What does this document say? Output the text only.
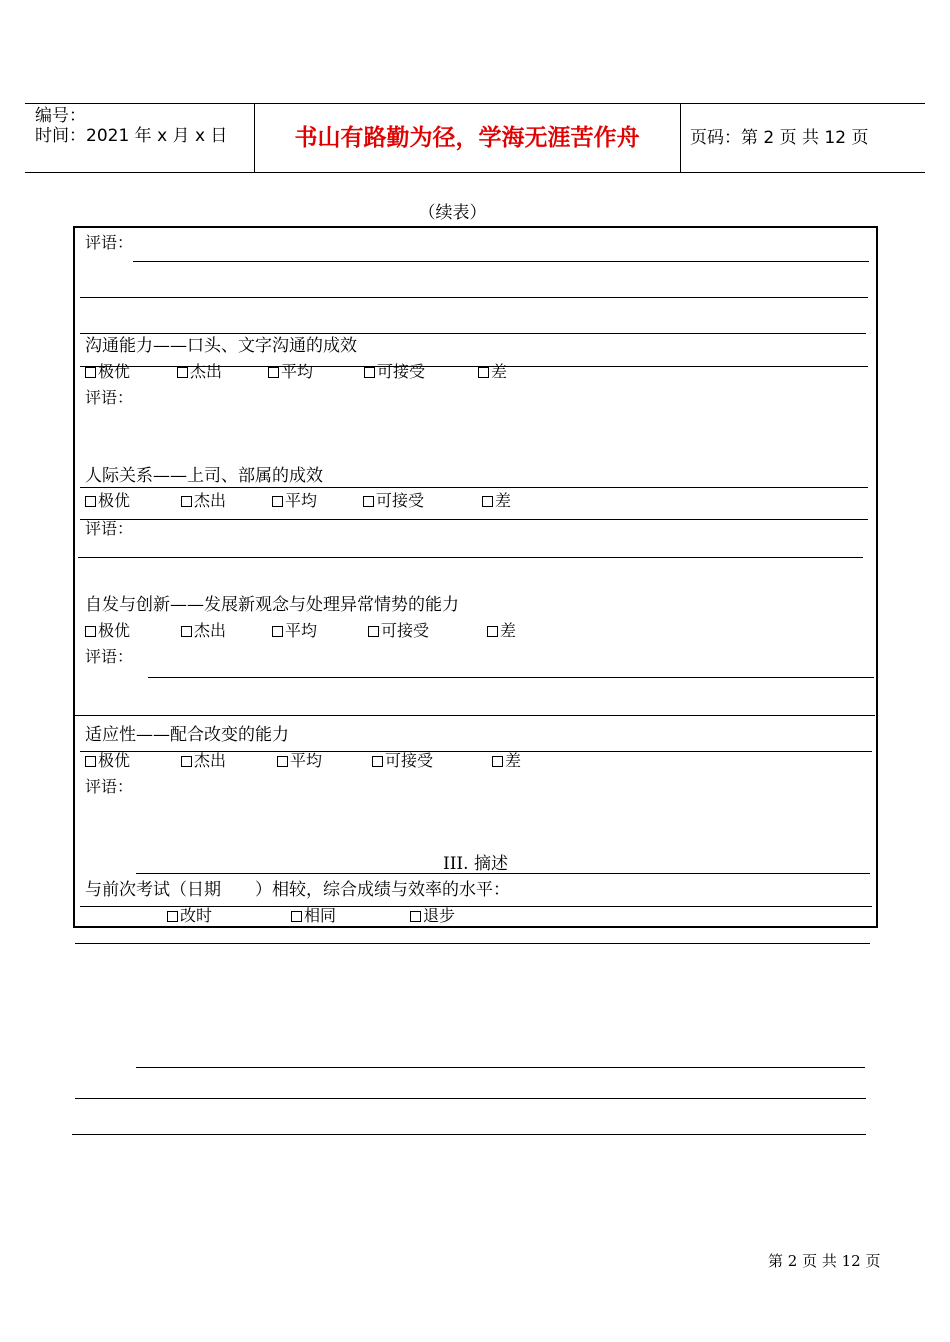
编号：
时间：2021 年 x 月 x 日	书山有路勤为径，学海无涯苦作舟	页码：第 2 页 共 12 页
（续表）
评语：
沟通能力——口头、文字沟通的成效
极优	杰出	平均	可接受	差
评语：
人际关系——上司、部属的成效
极优	杰出	平均	可接受	差
评语：
自发与创新——发展新观念与处理异常情势的能力
极优	杰出	平均	可接受	差
评语：
适应性——配合改变的能力
极优	杰出	平均	可接受	差
评语：
III. 摘述
与前次考试（日期　　）相较，综合成绩与效率的水平：
改时	相同	退步
第 2 页 共 12 页
